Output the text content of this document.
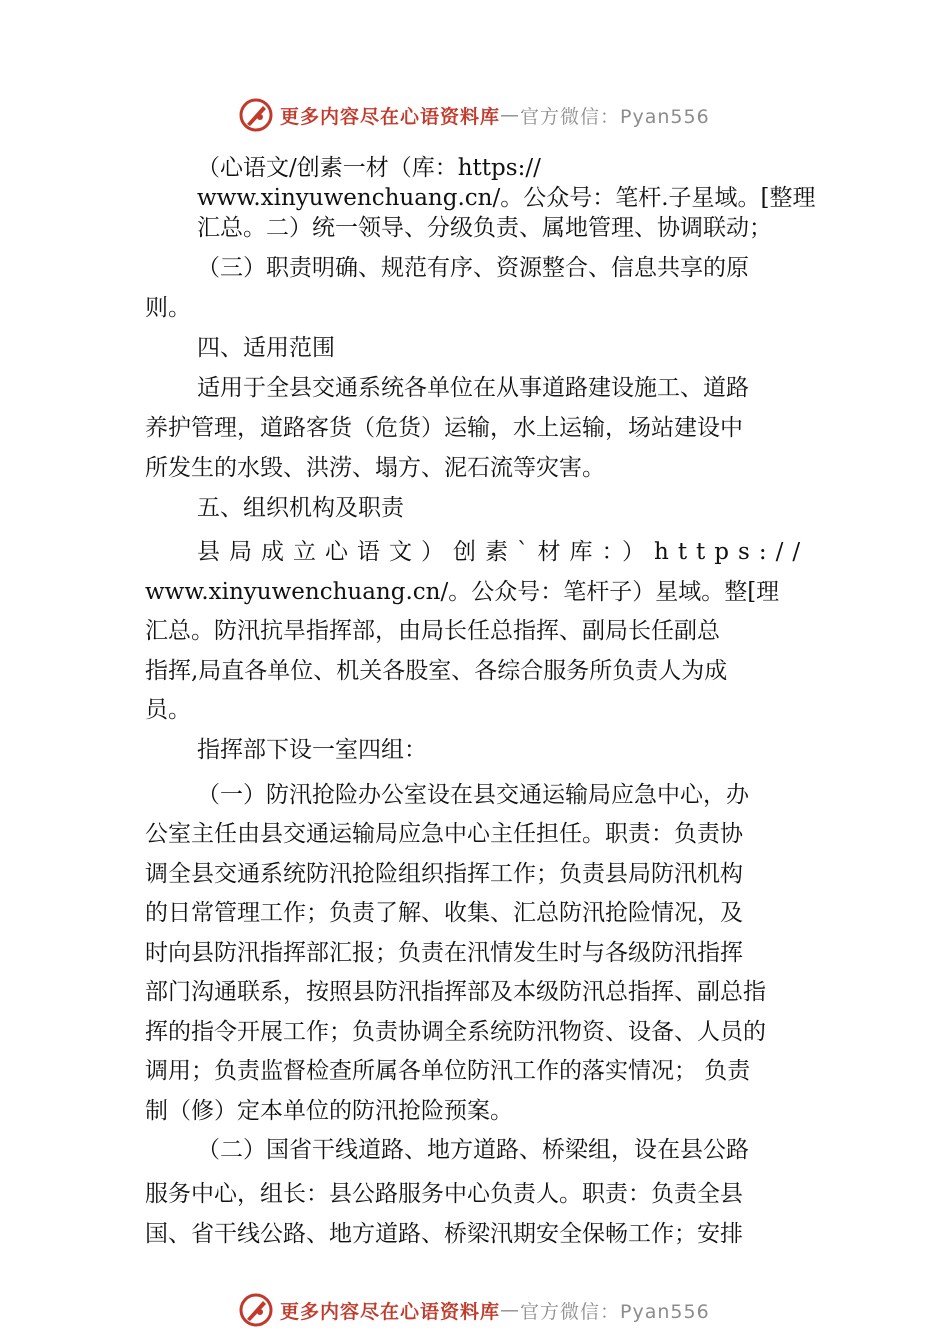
更多内容尽在心语资料库 — 官方微信：Pyan556
（心语文/创素一材（库：https://
www.xinyuwenchuang.cn/。公众号：笔杆.子星域。[整理
汇总。二）统一领导、分级负责、属地管理、协调联动；
（三）职责明确、规范有序、资源整合、信息共享的原
则。
四、适用范围
适用于全县交通系统各单位在从事道路建设施工、道路
养护管理，道路客货（危货）运输，水上运输，场站建设中
所发生的水毁、洪涝、塌方、泥石流等灾害。
五、组织机构及职责
县局成立心语文）创素`材库：）https://
www.xinyuwenchuang.cn/。公众号：笔杆子）星域。整[理
汇总。防汛抗旱指挥部，由局长任总指挥、副局长任副总
指挥,局直各单位、机关各股室、各综合服务所负责人为成
员。
指挥部下设一室四组：
（一）防汛抢险办公室设在县交通运输局应急中心，办
公室主任由县交通运输局应急中心主任担任。职责：负责协
调全县交通系统防汛抢险组织指挥工作；负责县局防汛机构
的日常管理工作；负责了解、收集、汇总防汛抢险情况，及
时向县防汛指挥部汇报；负责在汛情发生时与各级防汛指挥
部门沟通联系，按照县防汛指挥部及本级防汛总指挥、副总指
挥的指令开展工作；负责协调全系统防汛物资、设备、人员的
调用；负责监督检查所属各单位防汛工作的落实情况； 负责
制（修）定本单位的防汛抢险预案。
（二）国省干线道路、地方道路、桥梁组，设在县公路
服务中心，组长：县公路服务中心负责人。职责：负责全县
国、省干线公路、地方道路、桥梁汛期安全保畅工作；安排
更多内容尽在心语资料库 — 官方微信：Pyan556
